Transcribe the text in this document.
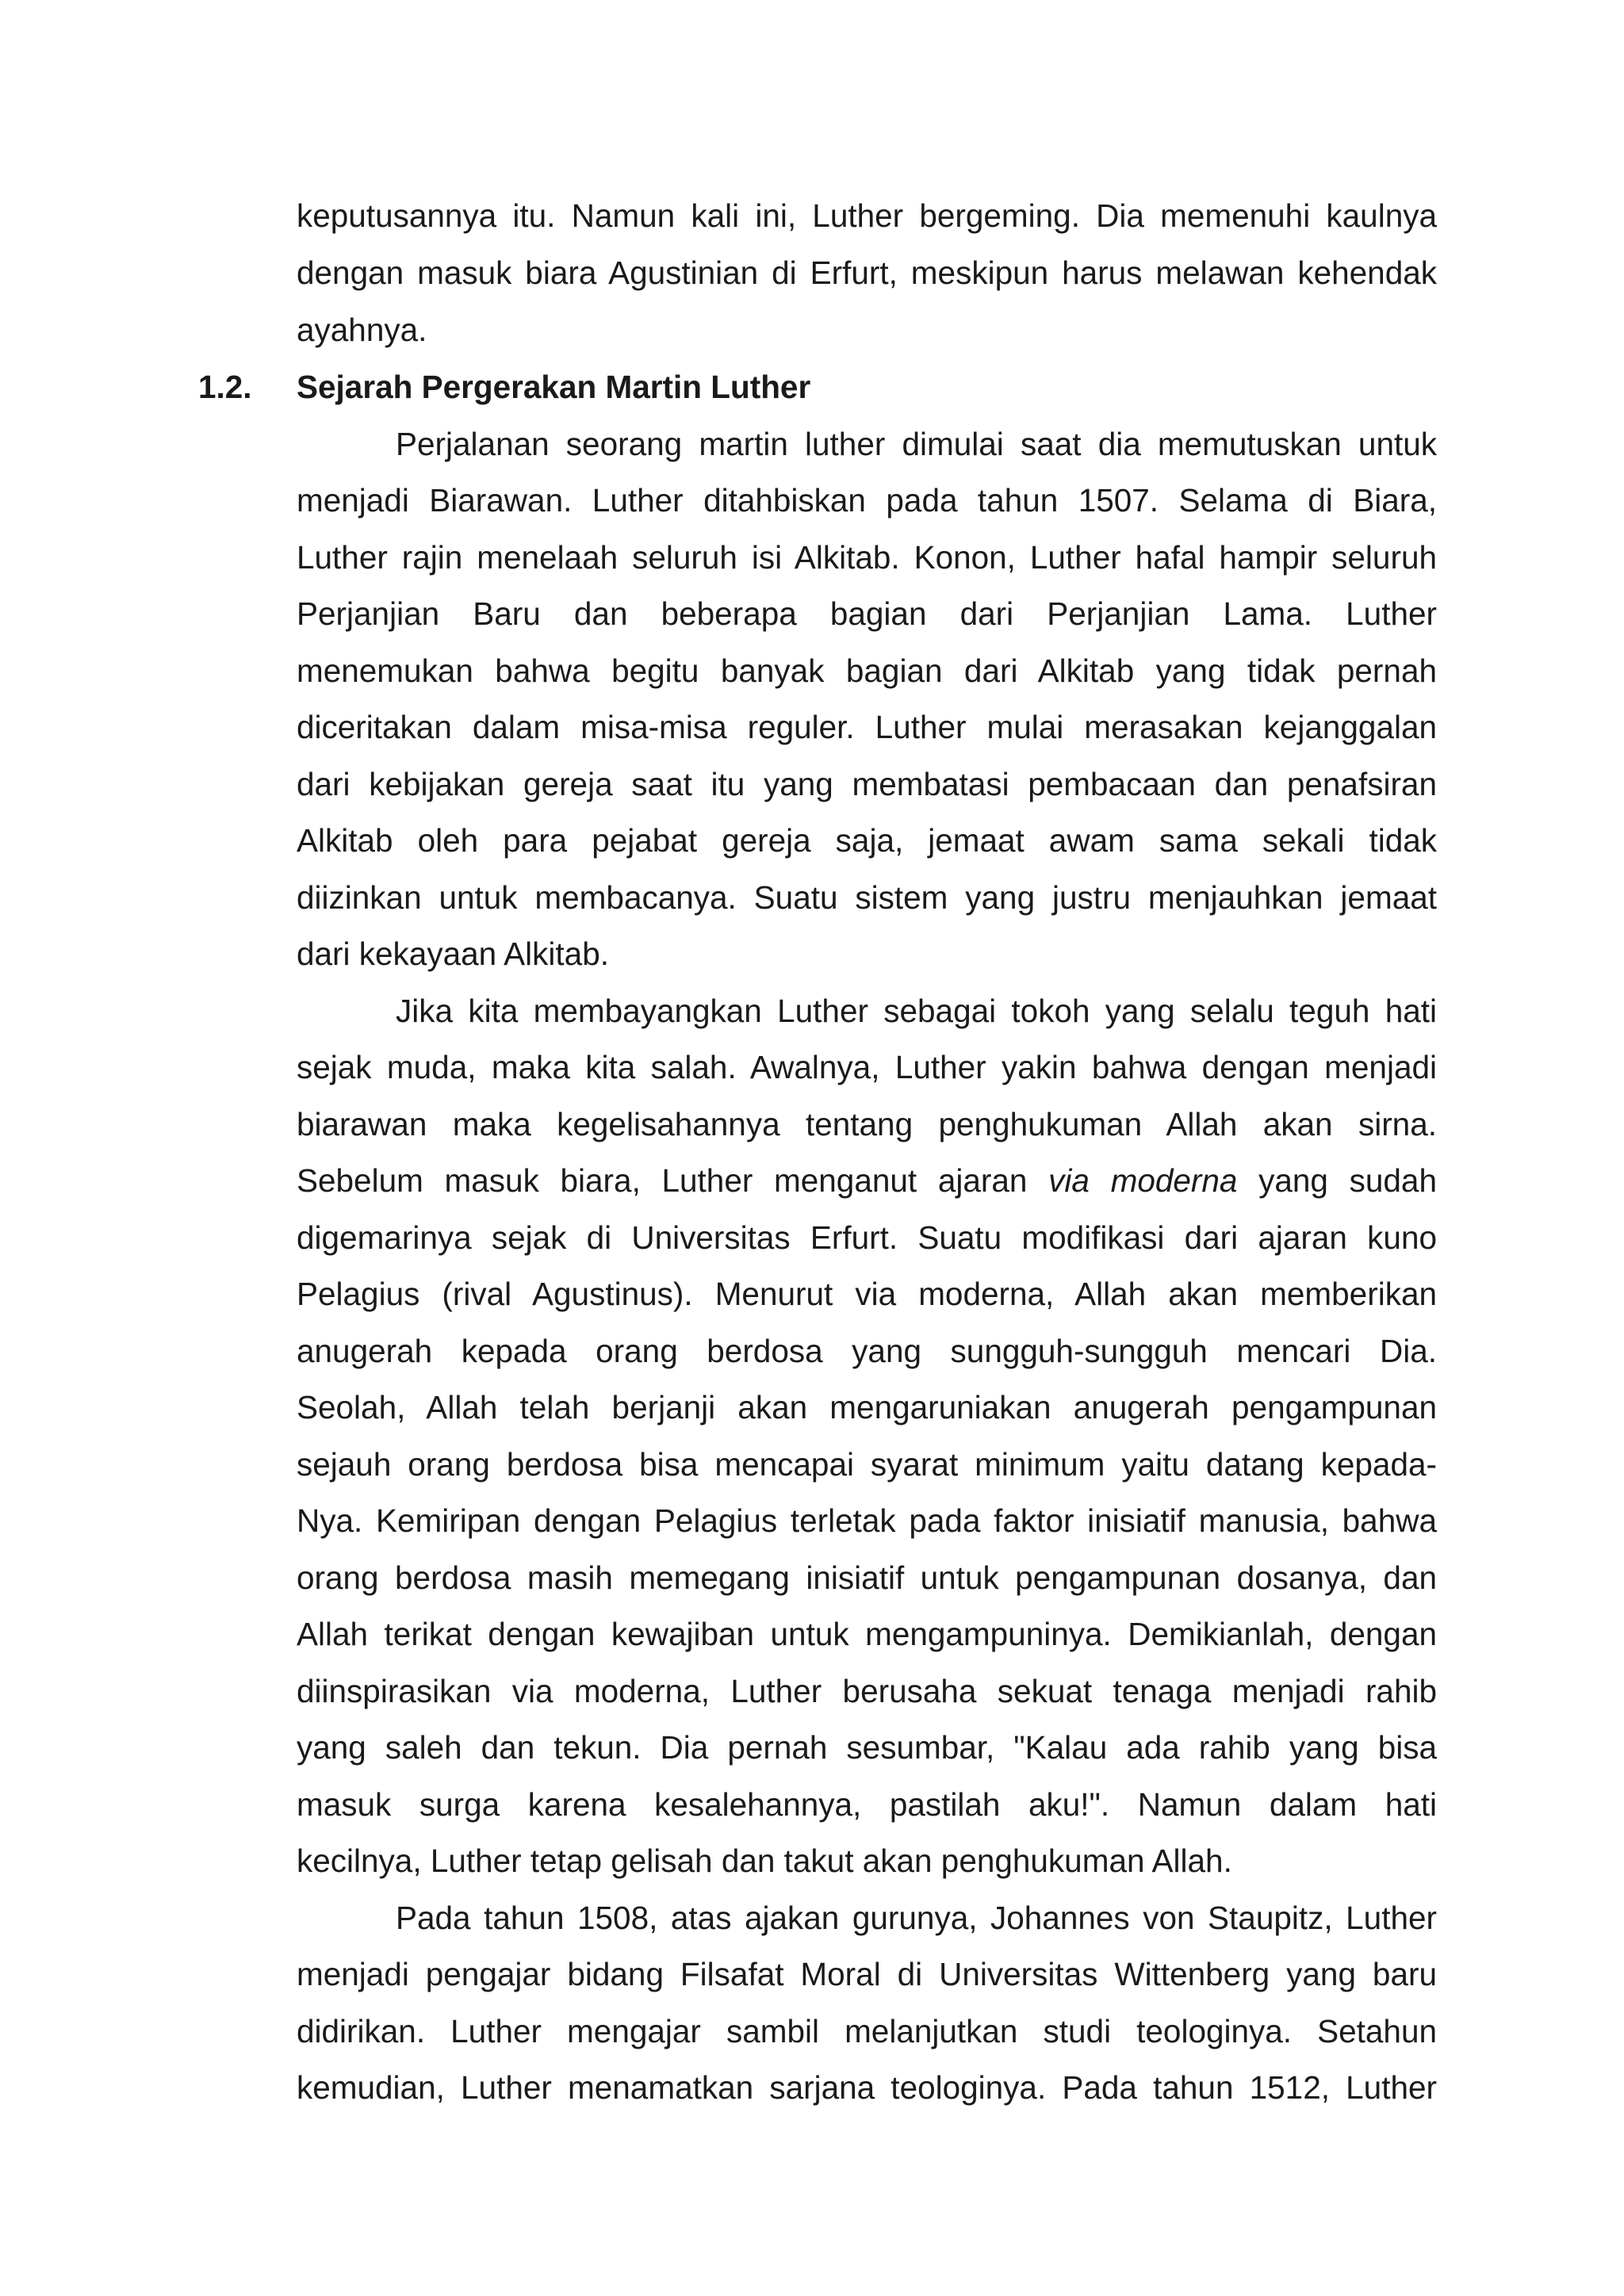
keputusannya itu. Namun kali ini, Luther bergeming. Dia memenuhi kaulnya
dengan masuk biara Agustinian di Erfurt, meskipun harus melawan kehendak
ayahnya.
1.2. Sejarah Pergerakan Martin Luther
Perjalanan seorang martin luther dimulai saat dia memutuskan untuk
menjadi Biarawan. Luther ditahbiskan pada tahun 1507. Selama di Biara,
Luther rajin menelaah seluruh isi Alkitab. Konon, Luther hafal hampir seluruh
Perjanjian Baru dan beberapa bagian dari Perjanjian Lama. Luther
menemukan bahwa begitu banyak bagian dari Alkitab yang tidak pernah
diceritakan dalam misa-misa reguler. Luther mulai merasakan kejanggalan
dari kebijakan gereja saat itu yang membatasi pembacaan dan penafsiran
Alkitab oleh para pejabat gereja saja, jemaat awam sama sekali tidak
diizinkan untuk membacanya. Suatu sistem yang justru menjauhkan jemaat
dari kekayaan Alkitab.
Jika kita membayangkan Luther sebagai tokoh yang selalu teguh hati
sejak muda, maka kita salah. Awalnya, Luther yakin bahwa dengan menjadi
biarawan maka kegelisahannya tentang penghukuman Allah akan sirna.
Sebelum masuk biara, Luther menganut ajaran via moderna yang sudah
digemarinya sejak di Universitas Erfurt. Suatu modifikasi dari ajaran kuno
Pelagius (rival Agustinus). Menurut via moderna, Allah akan memberikan
anugerah kepada orang berdosa yang sungguh-sungguh mencari Dia.
Seolah, Allah telah berjanji akan mengaruniakan anugerah pengampunan
sejauh orang berdosa bisa mencapai syarat minimum yaitu datang kepada-
Nya. Kemiripan dengan Pelagius terletak pada faktor inisiatif manusia, bahwa
orang berdosa masih memegang inisiatif untuk pengampunan dosanya, dan
Allah terikat dengan kewajiban untuk mengampuninya. Demikianlah, dengan
diinspirasikan via moderna, Luther berusaha sekuat tenaga menjadi rahib
yang saleh dan tekun. Dia pernah sesumbar, "Kalau ada rahib yang bisa
masuk surga karena kesalehannya, pastilah aku!". Namun dalam hati
kecilnya, Luther tetap gelisah dan takut akan penghukuman Allah.
Pada tahun 1508, atas ajakan gurunya, Johannes von Staupitz, Luther
menjadi pengajar bidang Filsafat Moral di Universitas Wittenberg yang baru
didirikan. Luther mengajar sambil melanjutkan studi teologinya. Setahun
kemudian, Luther menamatkan sarjana teologinya. Pada tahun 1512, Luther
